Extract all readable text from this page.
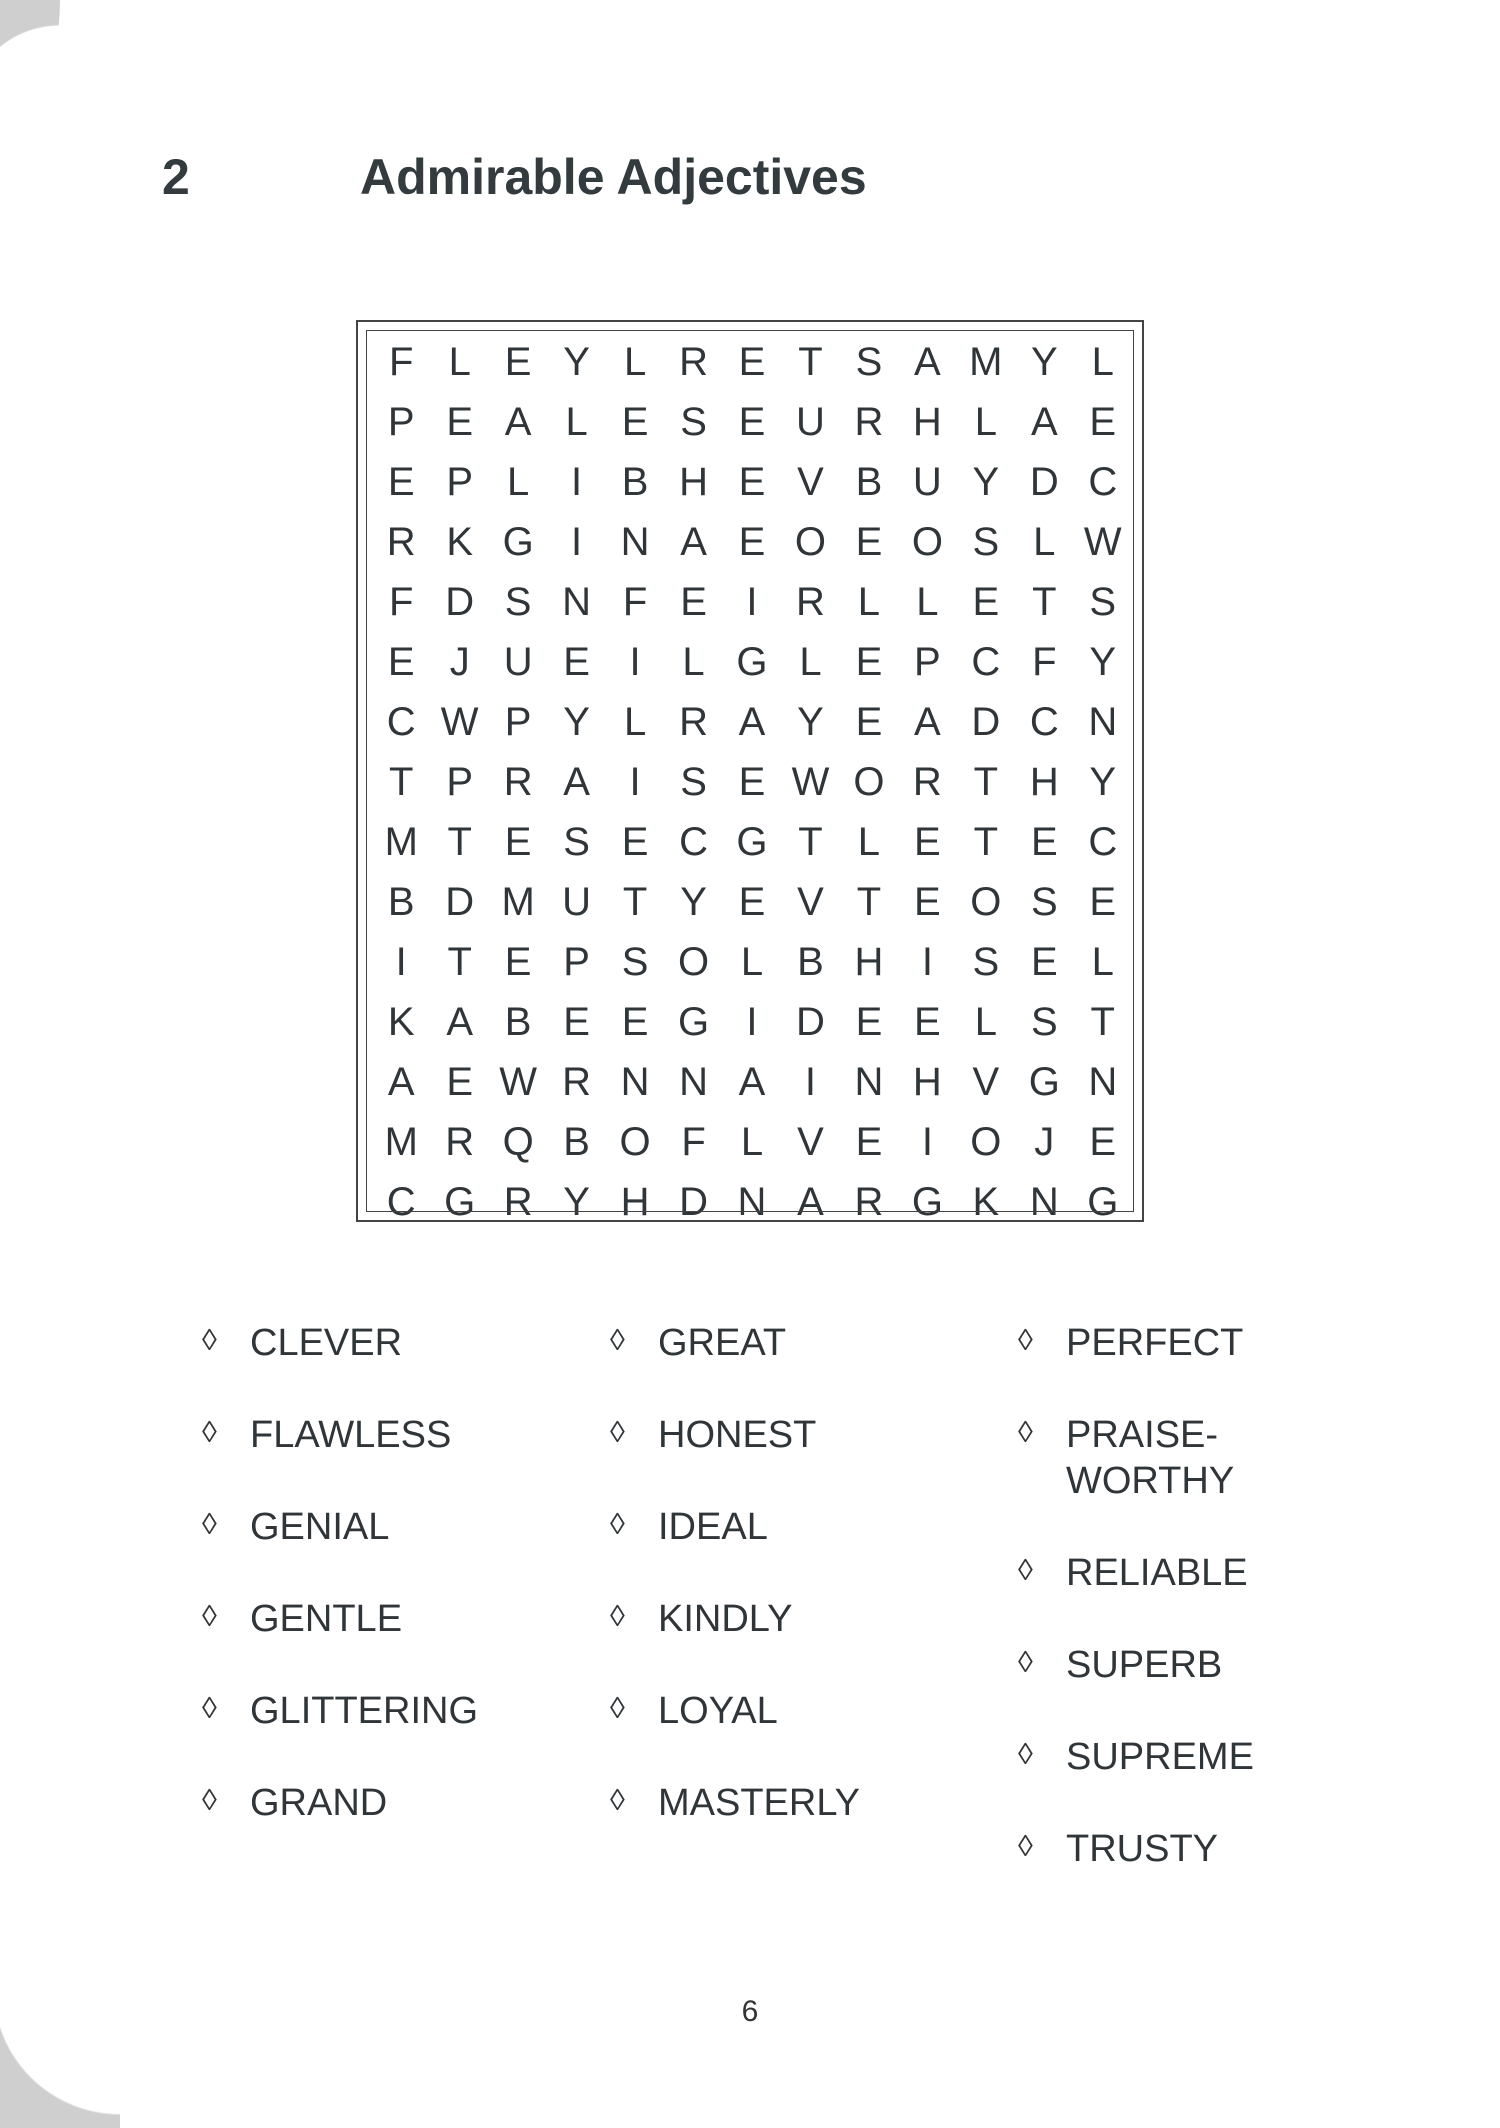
2	Admirable Adjectives
F L E Y L R E T S A M Y L
P E A L E S E U R H L A E
E P L	I B H E V B U Y D C
R K G I N A E O E O S L W
F D S N F E I R L L E T S
E J U E I	L G L E P C F Y
C W P Y L R A Y E A D C N
T P R A I S E W O R T H Y
M T E S E C G T L E T E C
B D M U T Y E V T E O S E
I	T E P S O L B H I S E L
K A B E E G I D E E L S T
A E W R N N A I N H V G N
M R Q B O F L V E I O J E
C G R Y H D N A R G K N G
◊ CLEVER
◊ FLAWLESS
◊ GENIAL
◊ GENTLE
◊ GLITTERING
◊ GRAND
◊ GREAT
◊ HONEST
◊ IDEAL
◊ KINDLY
◊ LOYAL
◊ MASTERLY
◊ PERFECT
◊ PRAISE-
WORTHY
◊ RELIABLE
◊ SUPERB
◊ SUPREME
◊ TRUSTY
6
